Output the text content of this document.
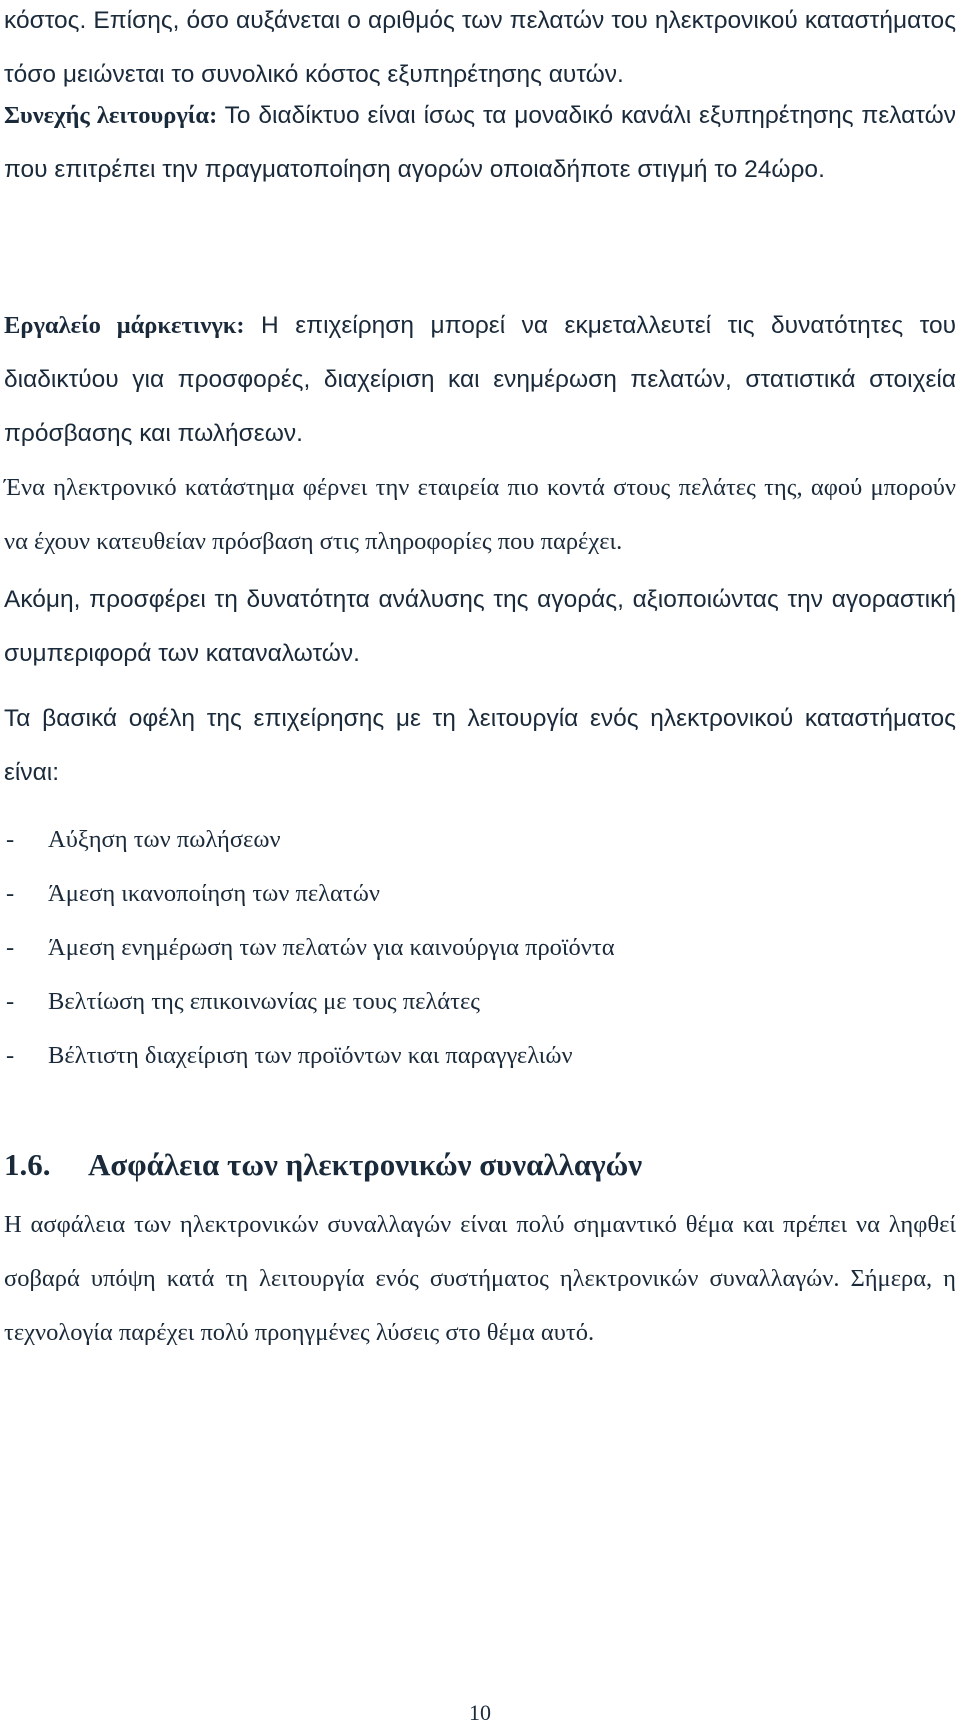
κόστος. Επίσης, όσο αυξάνεται ο αριθμός των πελατών του ηλεκτρονικού καταστήματος τόσο μειώνεται το συνολικό κόστος εξυπηρέτησης αυτών.

Συνεχής λειτουργία: Το διαδίκτυο είναι ίσως τα μοναδικό κανάλι εξυπηρέτησης πελατών που επιτρέπει την πραγματοποίηση αγορών οποιαδήποτε στιγμή το 24ώρο.

Εργαλείο μάρκετινγκ: Η επιχείρηση μπορεί να εκμεταλλευτεί τις δυνατότητες του διαδικτύου για προσφορές, διαχείριση και ενημέρωση πελατών, στατιστικά στοιχεία πρόσβασης και πωλήσεων.

Ένα ηλεκτρονικό κατάστημα φέρνει την εταιρεία πιο κοντά στους πελάτες της, αφού μπορούν να έχουν κατευθείαν πρόσβαση στις πληροφορίες που παρέχει.

Ακόμη, προσφέρει τη δυνατότητα ανάλυσης της αγοράς, αξιοποιώντας την αγοραστική συμπεριφορά των καταναλωτών.

Τα βασικά οφέλη της επιχείρησης με τη λειτουργία ενός ηλεκτρονικού καταστήματος είναι:

- Αύξηση των πωλήσεων
- Άμεση ικανοποίηση των πελατών
- Άμεση ενημέρωση των πελατών για καινούργια προϊόντα
- Βελτίωση της επικοινωνίας με τους πελάτες
- Βέλτιστη διαχείριση των προϊόντων και παραγγελιών
1.6. Ασφάλεια των ηλεκτρονικών συναλλαγών

Η ασφάλεια των ηλεκτρονικών συναλλαγών είναι πολύ σημαντικό θέμα και πρέπει να ληφθεί σοβαρά υπόψη κατά τη λειτουργία ενός συστήματος ηλεκτρονικών συναλλαγών. Σήμερα, η τεχνολογία παρέχει πολύ προηγμένες λύσεις στο θέμα αυτό.

10
